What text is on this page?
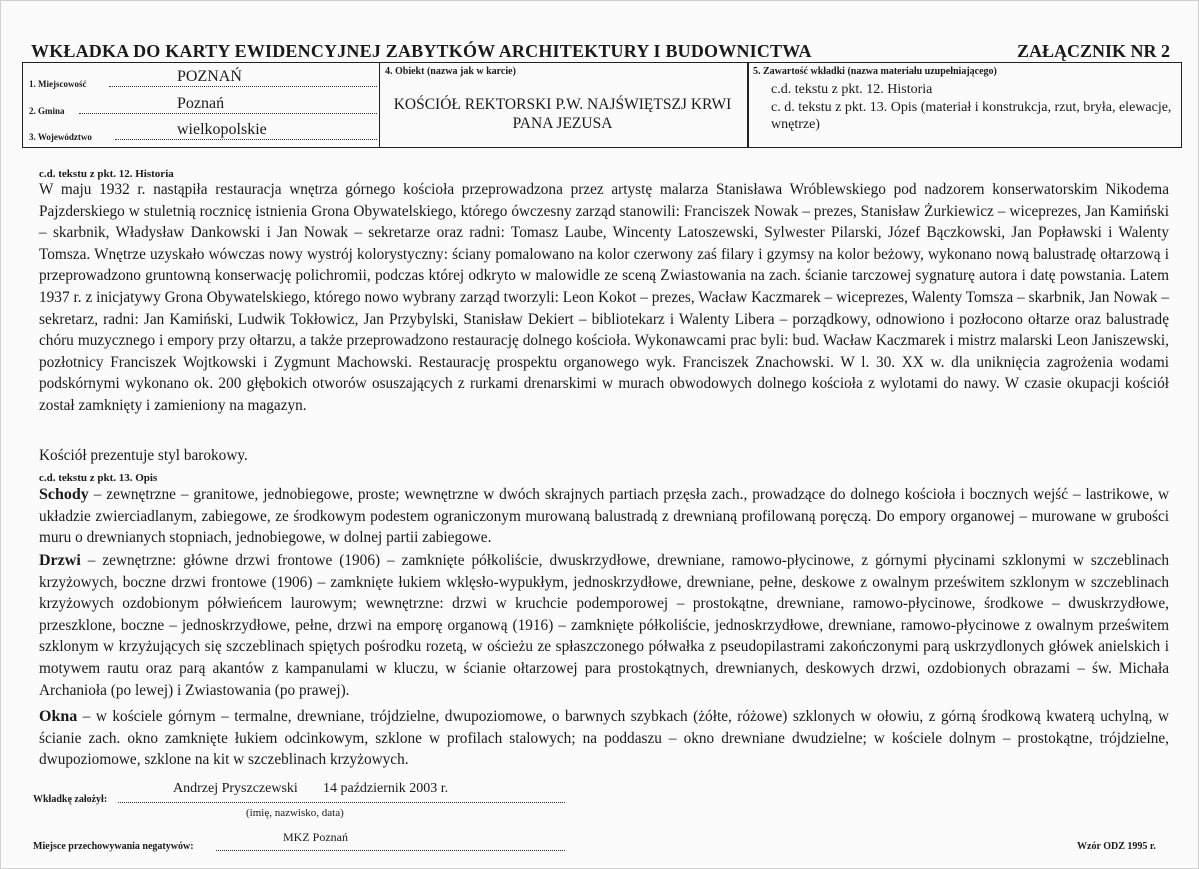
WKŁADKA DO KARTY EWIDENCYJNEJ ZABYTKÓW ARCHITEKTURY I BUDOWNICTWA	ZAŁĄCZNIK NR 2
1. Miejscowość	POZNAŃ
2. Gmina	Poznań
3. Województwo	wielkopolskie
4. Obiekt (nazwa jak w karcie)
KOŚCIÓŁ REKTORSKI P.W. NAJŚWIĘTSZJ KRWI PANA JEZUSA
5. Zawartość wkładki (nazwa materiału uzupełniającego)
c.d. tekstu z pkt. 12. Historia
c. d. tekstu z pkt. 13. Opis (materiał i konstrukcja, rzut, bryła, elewacje, wnętrze)
c.d. tekstu z pkt. 12. Historia
W maju 1932 r. nastąpiła restauracja wnętrza górnego kościoła przeprowadzona przez artystę malarza Stanisława Wróblewskiego pod nadzorem konserwatorskim Nikodema Pajzderskiego w stuletnią rocznicę istnienia Grona Obywatelskiego, którego ówczesny zarząd stanowili: Franciszek Nowak – prezes, Stanisław Żurkiewicz – wiceprezes, Jan Kamiński – skarbnik, Władysław Dankowski i Jan Nowak – sekretarze oraz radni: Tomasz Laube, Wincenty Latoszewski, Sylwester Pilarski, Józef Bączkowski, Jan Popławski i Walenty Tomsza. Wnętrze uzyskało wówczas nowy wystrój kolorystyczny: ściany pomalowano na kolor czerwony zaś filary i gzymsy na kolor beżowy, wykonano nową balustradę ołtarzową i przeprowadzono gruntowną konserwację polichromii, podczas której odkryto w malowidle ze sceną Zwiastowania na zach. ścianie tarczowej sygnaturę autora i datę powstania. Latem 1937 r. z inicjatywy Grona Obywatelskiego, którego nowo wybrany zarząd tworzyli: Leon Kokot – prezes, Wacław Kaczmarek – wiceprezes, Walenty Tomsza – skarbnik, Jan Nowak – sekretarz, radni: Jan Kamiński, Ludwik Tokłowicz, Jan Przybylski, Stanisław Dekiert – bibliotekarz i Walenty Libera – porządkowy, odnowiono i pozłocono ołtarze oraz balustradę chóru muzycznego i empory przy ołtarzu, a także przeprowadzono restaurację dolnego kościoła. Wykonawcami prac byli: bud. Wacław Kaczmarek i mistrz malarski Leon Janiszewski, pozłotnicy Franciszek Wojtkowski i Zygmunt Machowski. Restaurację prospektu organowego wyk. Franciszek Znachowski. W l. 30. XX w. dla uniknięcia zagrożenia wodami podskórnymi wykonano ok. 200 głębokich otworów osuszających z rurkami drenarskimi w murach obwodowych dolnego kościoła z wylotami do nawy. W czasie okupacji kościół został zamknięty i zamieniony na magazyn.
Kościół prezentuje styl barokowy.
c.d. tekstu z pkt. 13. Opis
Schody – zewnętrzne – granitowe, jednobiegowe, proste; wewnętrzne w dwóch skrajnych partiach przęsła zach., prowadzące do dolnego kościoła i bocznych wejść – lastrikowe, w układzie zwierciadlanym, zabiegowe, ze środkowym podestem ograniczonym murowaną balustradą z drewnianą profilowaną poręczą. Do empory organowej – murowane w grubości muru o drewnianych stopniach, jednobiegowe, w dolnej partii zabiegowe.
Drzwi – zewnętrzne: główne drzwi frontowe (1906) – zamknięte półkoliście, dwuskrzydłowe, drewniane, ramowo-płycinowe, z górnymi płycinami szklonymi w szczeblinach krzyżowych, boczne drzwi frontowe (1906) – zamknięte łukiem wklęsło-wypukłym, jednoskrzydłowe, drewniane, pełne, deskowe z owalnym prześwitem szklonym w szczeblinach krzyżowych ozdobionym półwieńcem laurowym; wewnętrzne: drzwi w kruchcie podemporowej – prostokątne, drewniane, ramowo-płycinowe, środkowe – dwuskrzydłowe, przeszklone, boczne – jednoskrzydłowe, pełne, drzwi na emporę organową (1916) – zamknięte półkoliście, jednoskrzydłowe, drewniane, ramowo-płycinowe z owalnym prześwitem szklonym w krzyżujących się szczeblinach spiętych pośrodku rozetą, w ościeżu ze spłaszczonego półwałka z pseudopilastrami zakończonymi parą uskrzydlonych główek anielskich i motywem rautu oraz parą akantów z kampanulami w kluczu, w ścianie ołtarzowej para prostokątnych, drewnianych, deskowych drzwi, ozdobionych obrazami – św. Michała Archanioła (po lewej) i Zwiastowania (po prawej).
Okna – w kościele górnym – termalne, drewniane, trójdzielne, dwupoziomowe, o barwnych szybkach (żółte, różowe) szklonych w ołowiu, z górną środkową kwaterą uchylną, w ścianie zach. okno zamknięte łukiem odcinkowym, szklone w profilach stalowych; na poddaszu – okno drewniane dwudzielne; w kościele dolnym – prostokątne, trójdzielne, dwupoziomowe, szklone na kit w szczeblinach krzyżowych.
Wkładkę założył:
Andrzej Pryszczewski 14 październik 2003 r.
(imię, nazwisko, data)
Miejsce przechowywania negatywów:
MKZ Poznań
Wzór ODZ 1995 r.
